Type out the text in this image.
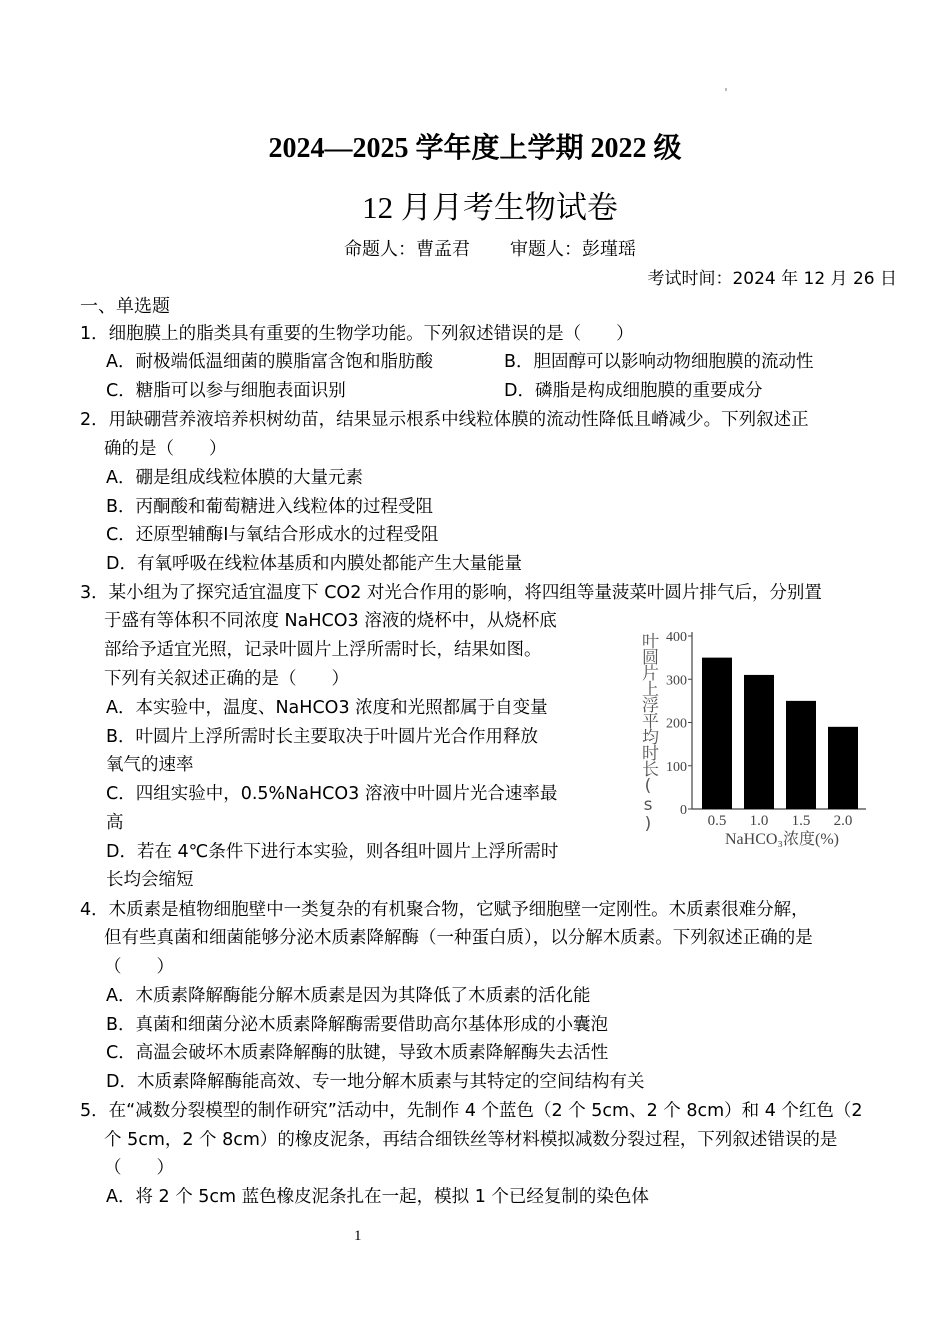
2024—2025 学年度上学期 2022 级
12 月月考生物试卷
命题人：曹孟君 审题人：彭瑾瑶
考试时间：2024 年 12 月 26 日
一、单选题
1．细胞膜上的脂类具有重要的生物学功能。下列叙述错误的是（　　）
A．耐极端低温细菌的膜脂富含饱和脂肪酸	B．胆固醇可以影响动物细胞膜的流动性
C．糖脂可以参与细胞表面识别	D．磷脂是构成细胞膜的重要成分
2．用缺硼营养液培养枳树幼苗，结果显示根系中线粒体膜的流动性降低且嵴减少。下列叙述正
确的是（　　）
A．硼是组成线粒体膜的大量元素
B．丙酮酸和葡萄糖进入线粒体的过程受阻
C．还原型辅酶Ⅰ与氧结合形成水的过程受阻
D．有氧呼吸在线粒体基质和内膜处都能产生大量能量
3．某小组为了探究适宜温度下 CO2 对光合作用的影响，将四组等量菠菜叶圆片排气后，分别置
于盛有等体积不同浓度 NaHCO3 溶液的烧杯中，从烧杯底
部给予适宜光照，记录叶圆片上浮所需时长，结果如图。
下列有关叙述正确的是（　　）
A．本实验中，温度、NaHCO3 浓度和光照都属于自变量
B．叶圆片上浮所需时长主要取决于叶圆片光合作用释放
氧气的速率
C．四组实验中，0.5%NaHCO3 溶液中叶圆片光合速率最
高
D．若在 4℃条件下进行本实验，则各组叶圆片上浮所需时
长均会缩短
0
100
200
300
400
0.5 1.0 1.5 2.0
NaHCO₃浓度(%)
叶圆片上浮平均时长(s)
4．木质素是植物细胞壁中一类复杂的有机聚合物，它赋予细胞壁一定刚性。木质素很难分解，
但有些真菌和细菌能够分泌木质素降解酶（一种蛋白质），以分解木质素。下列叙述正确的是
（　　）
A．木质素降解酶能分解木质素是因为其降低了木质素的活化能
B．真菌和细菌分泌木质素降解酶需要借助高尔基体形成的小囊泡
C．高温会破坏木质素降解酶的肽键，导致木质素降解酶失去活性
D．木质素降解酶能高效、专一地分解木质素与其特定的空间结构有关
5．在“减数分裂模型的制作研究”活动中，先制作 4 个蓝色（2 个 5cm、2 个 8cm）和 4 个红色（2
个 5cm，2 个 8cm）的橡皮泥条，再结合细铁丝等材料模拟减数分裂过程，下列叙述错误的是
（　　）
A．将 2 个 5cm 蓝色橡皮泥条扎在一起，模拟 1 个已经复制的染色体
1
